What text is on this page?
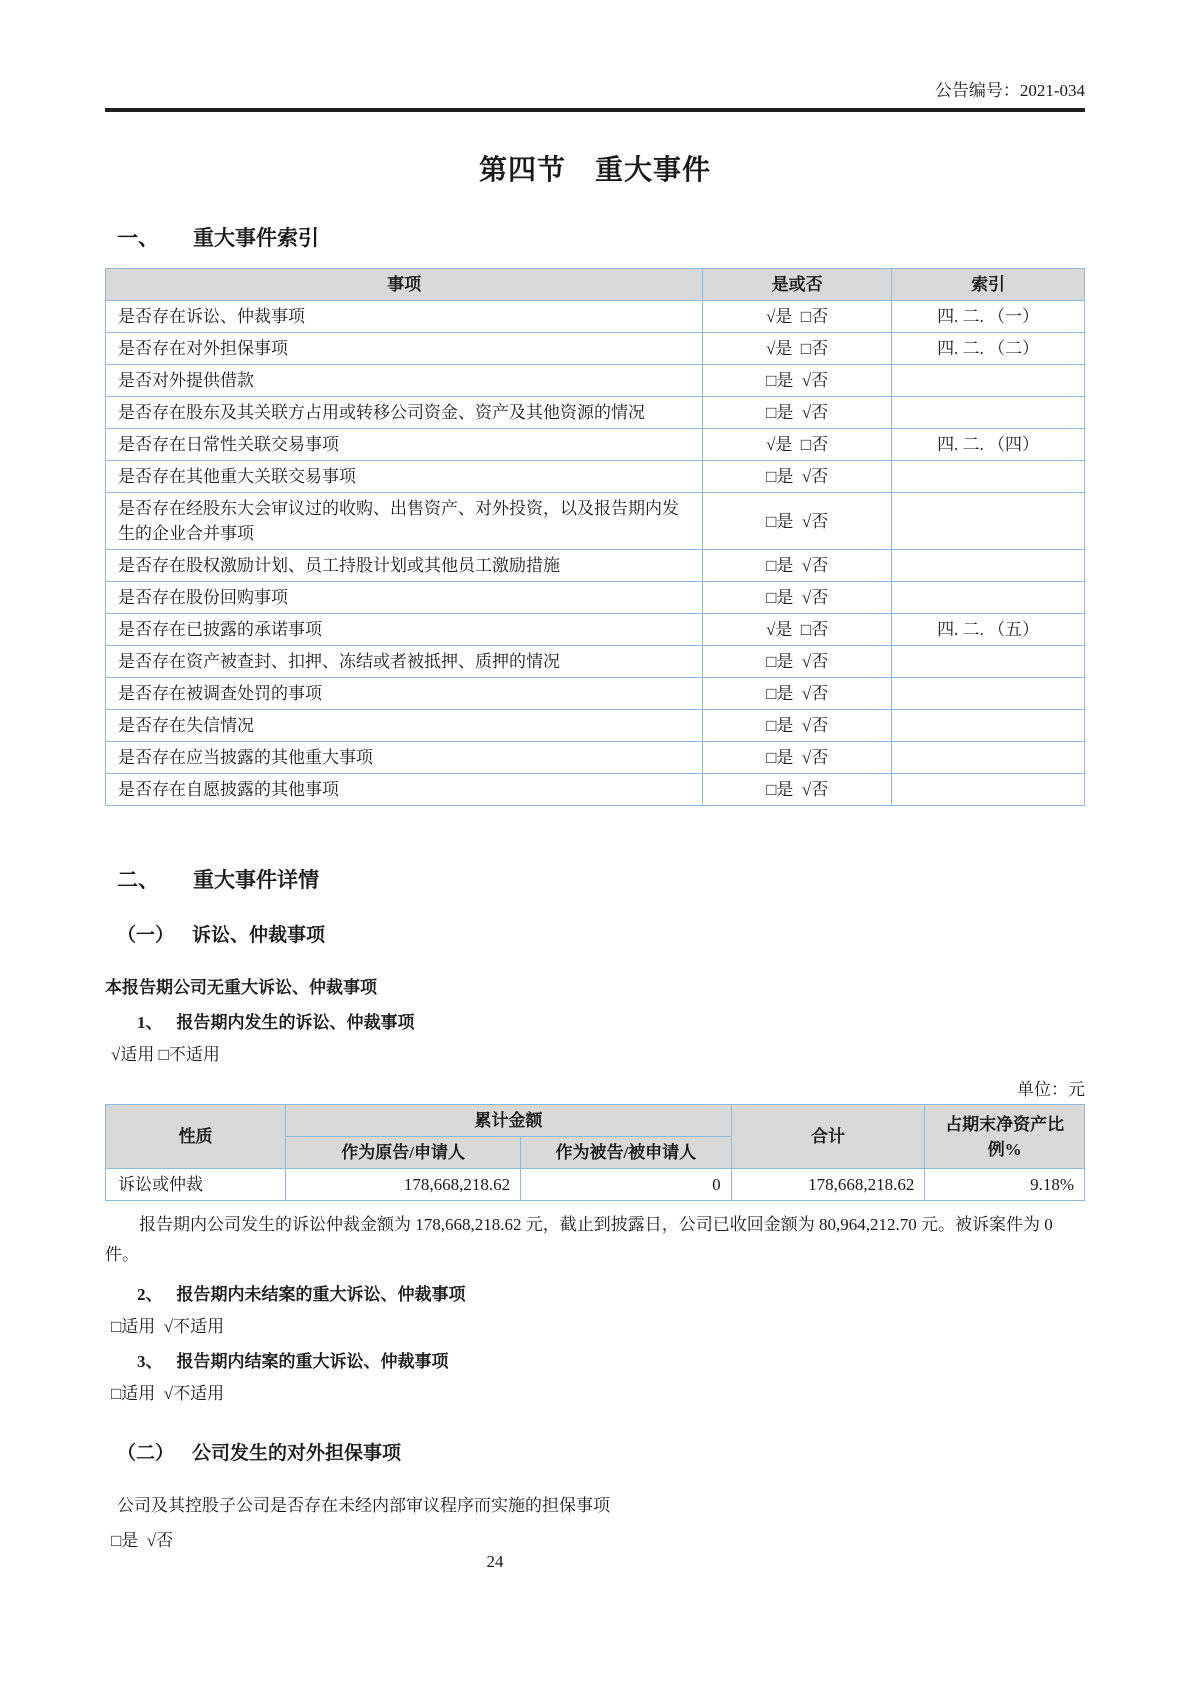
公告编号：2021-034
第四节　重大事件
一、 重大事件索引
事项	是或否	索引
是否存在诉讼、仲裁事项	√是  □否	四. 二. （一）
是否存在对外担保事项	√是  □否	四. 二. （二）
是否对外提供借款	□是  √否	
是否存在股东及其关联方占用或转移公司资金、资产及其他资源的情况	□是  √否	
是否存在日常性关联交易事项	√是  □否	四. 二. （四）
是否存在其他重大关联交易事项	□是  √否	
是否存在经股东大会审议过的收购、出售资产、对外投资，以及报告期内发生的企业合并事项	□是  √否	
是否存在股权激励计划、员工持股计划或其他员工激励措施	□是  √否	
是否存在股份回购事项	□是  √否	
是否存在已披露的承诺事项	√是  □否	四. 二. （五）
是否存在资产被查封、扣押、冻结或者被抵押、质押的情况	□是  √否	
是否存在被调查处罚的事项	□是  √否	
是否存在失信情况	□是  √否	
是否存在应当披露的其他重大事项	□是  √否	
是否存在自愿披露的其他事项	□是  √否	
二、 重大事件详情
（一） 诉讼、仲裁事项

本报告期公司无重大诉讼、仲裁事项

1、 报告期内发生的诉讼、仲裁事项

√适用 □不适用

单位：元

性质	累计金额		合计	占期末净资产比例%
	作为原告/申请人	作为被告/被申请人		
诉讼或仲裁	178,668,218.62	0	178,668,218.62	9.18%

报告期内公司发生的诉讼仲裁金额为 178,668,218.62 元，截止到披露日，公司已收回金额为 80,964,212.70 元。被诉案件为 0 件。

2、 报告期内未结案的重大诉讼、仲裁事项

□适用  √不适用

3、 报告期内结案的重大诉讼、仲裁事项

□适用  √不适用

（二） 公司发生的对外担保事项

公司及其控股子公司是否存在未经内部审议程序而实施的担保事项

□是  √否

24
